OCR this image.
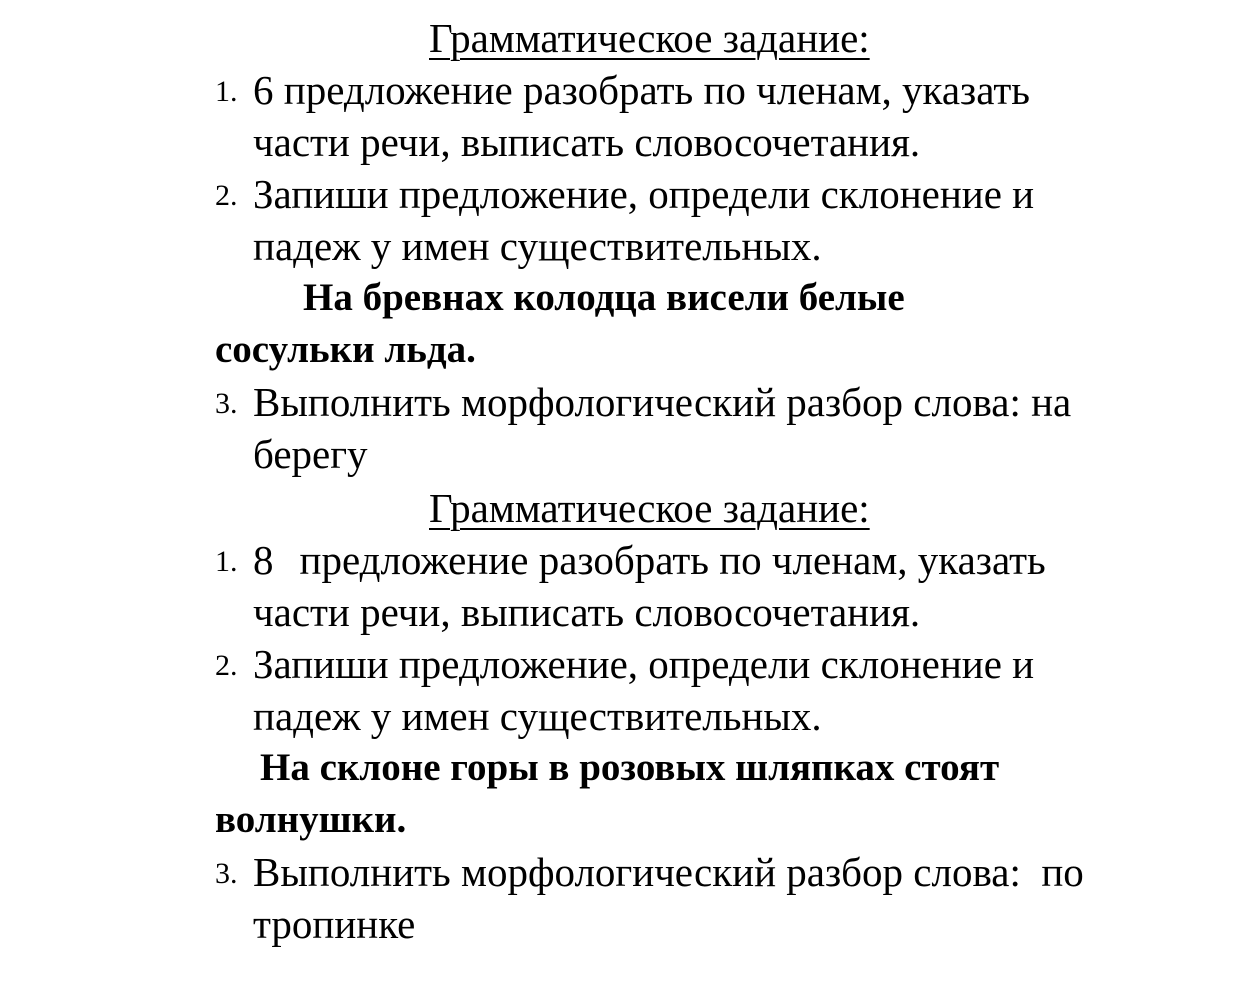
Грамматическое задание:
1. 6 предложение разобрать по членам, указать
части речи, выписать словосочетания.
2. Запиши предложение, определи склонение и
падеж у имен существительных.
На бревнах колодца висели белые
сосульки льда.
3. Выполнить морфологический разбор слова: на
берегу
Грамматическое задание:
1. 8 предложение разобрать по членам, указать
части речи, выписать словосочетания.
2. Запиши предложение, определи склонение и
падеж у имен существительных.
На склоне горы в розовых шляпках стоят
волнушки.
3. Выполнить морфологический разбор слова:  по
тропинке
